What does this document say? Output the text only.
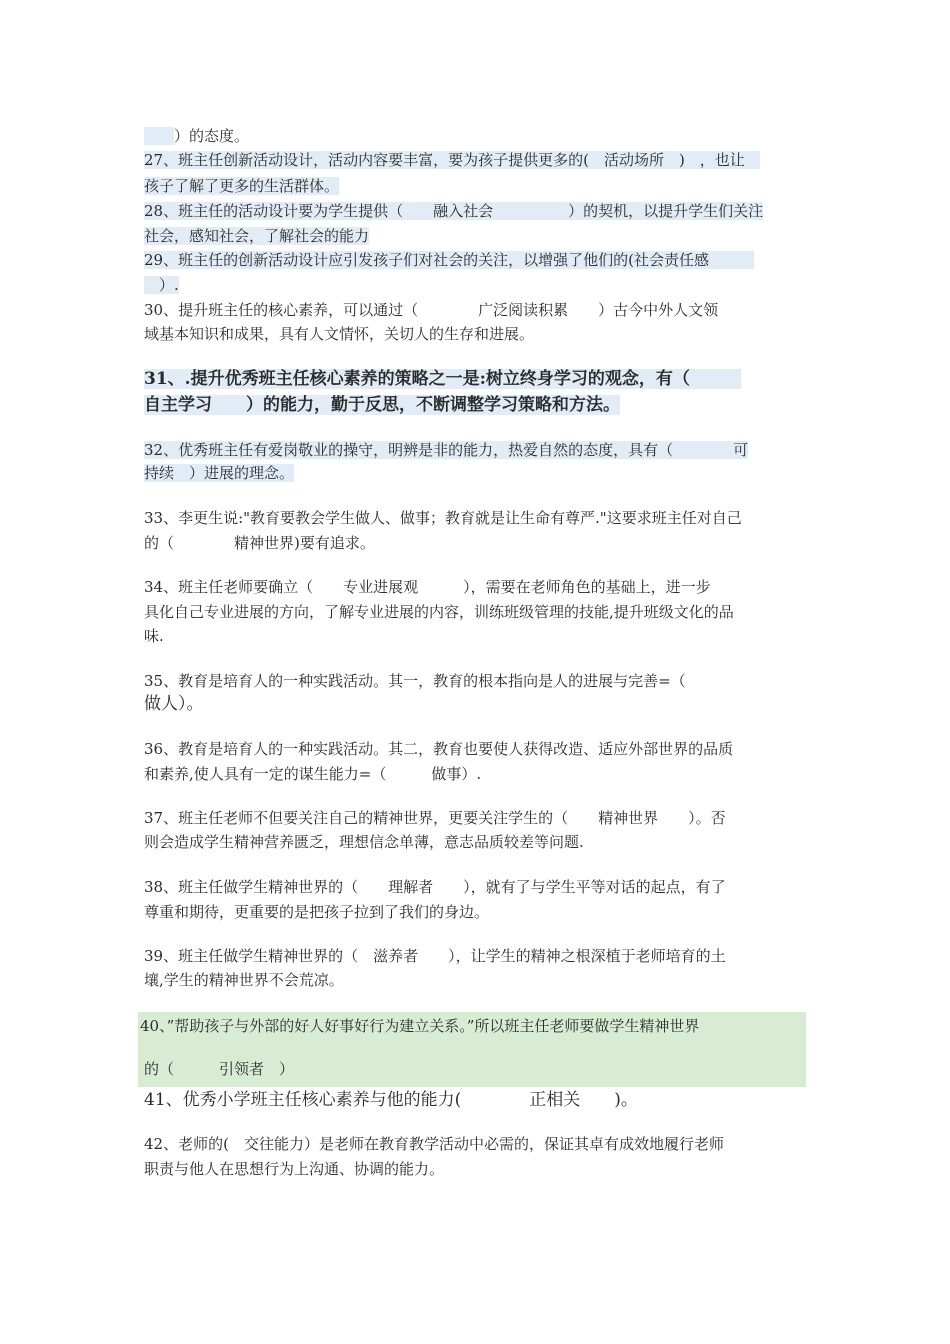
　　）的态度。
27、班主任创新活动设计，活动内容要丰富，要为孩子提供更多的(　活动场所　)　，也让　
孩子了解了更多的生活群体。
28、班主任的活动设计要为学生提供（　　融入社会　　　　　）的契机，以提升学生们关注
社会，感知社会，了解社会的能力
29、班主任的创新活动设计应引发孩子们对社会的关注，以增强了他们的(社会责任感　　　
　）.
30、提升班主任的核心素养，可以通过（　　　　广泛阅读积累　　）古今中外人文领
域基本知识和成果，具有人文情怀，关切人的生存和进展。
31、.提升优秀班主任核心素养的策略之一是:树立终身学习的观念，有（　　　
自主学习　　）的能力，勤于反思，不断调整学习策略和方法。
32、优秀班主任有爱岗敬业的操守，明辨是非的能力，热爱自然的态度，具有（　　　　可
持续　）进展的理念。
33、李更生说:"教育要教会学生做人、做事；教育就是让生命有尊严."这要求班主任对自己
的（　　　　精神世界)要有追求。
34、班主任老师要确立（　　专业进展观　　　），需要在老师角色的基础上，进一步
具化自己专业进展的方向，了解专业进展的内容，训练班级管理的技能,提升班级文化的品
味.
35、教育是培育人的一种实践活动。其一，教育的根本指向是人的进展与完善=（
做人）。
36、教育是培育人的一种实践活动。其二，教育也要使人获得改造、适应外部世界的品质
和素养,使人具有一定的谋生能力=（　　　做事）.
37、班主任老师不但要关注自己的精神世界，更要关注学生的（　　精神世界　　）。否
则会造成学生精神营养匮乏，理想信念单薄，意志品质较差等问题.
38、班主任做学生精神世界的（　　理解者　　），就有了与学生平等对话的起点，有了
尊重和期待，更重要的是把孩子拉到了我们的身边。
39、班主任做学生精神世界的（　滋养者　　），让学生的精神之根深植于老师培育的土
壤,学生的精神世界不会荒凉。
40、”帮助孩子与外部的好人好事好行为建立关系。”所以班主任老师要做学生精神世界
的（　　　引领者　）
41、优秀小学班主任核心素养与他的能力(　　　　正相关　　)。
42、老师的(　交往能力）是老师在教育教学活动中必需的，保证其卓有成效地履行老师
职责与他人在思想行为上沟通、协调的能力。
